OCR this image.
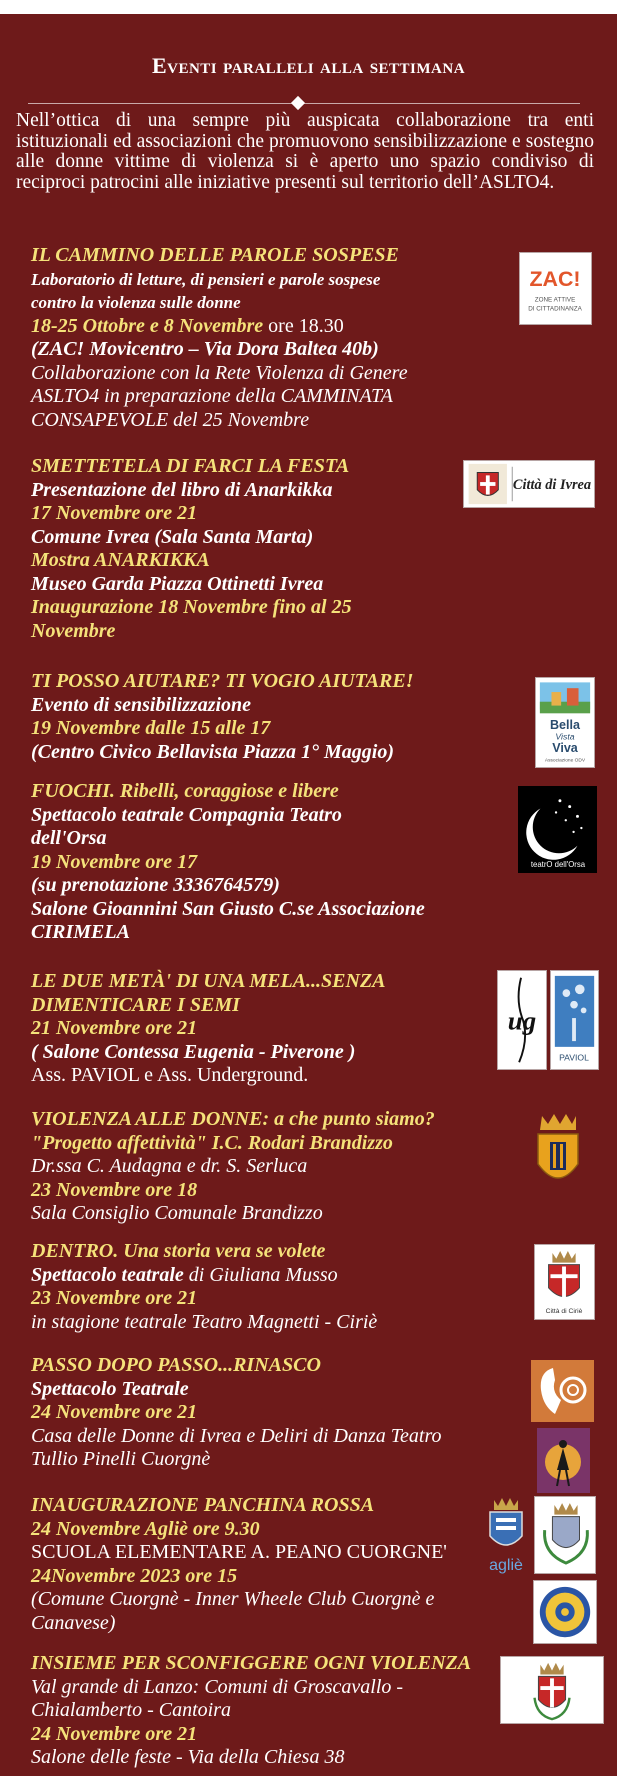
Eventi paralleli alla settimana
Nell’ottica di una sempre più auspicata collaborazione tra enti istituzionali ed associazioni che promuovono sensibilizzazione e sostegno alle donne vittime di violenza si è aperto uno spazio condiviso di reciproci patrocini alle iniziative presenti sul territorio dell’ASLTO4.
IL CAMMINO DELLE PAROLE SOSPESE
Laboratorio di letture, di pensieri e parole sospese
contro la violenza sulle donne
18-25 Ottobre e 8 Novembre ore 18.30
(ZAC! Movicentro – Via Dora Baltea 40b)
Collaborazione con la Rete Violenza di Genere
ASLTO4 in preparazione della CAMMINATA
CONSAPEVOLE del 25 Novembre
ZAC!
ZONE ATTIVE
DI CITTADINANZA
SMETTETELA DI FARCI LA FESTA
Presentazione del libro di Anarkikka
17 Novembre ore 21
Comune Ivrea (Sala Santa Marta)
Mostra ANARKIKKA
Museo Garda Piazza Ottinetti Ivrea
Inaugurazione 18 Novembre fino al 25
Novembre
Città di Ivrea
TI POSSO AIUTARE? TI VOGIO AIUTARE!
Evento di sensibilizzazione
19 Novembre dalle 15 alle 17
(Centro Civico Bellavista Piazza 1° Maggio)
Bella
Vista
Viva
Associazione ODV
FUOCHI. Ribelli, coraggiose e libere
Spettacolo teatrale Compagnia Teatro
dell'Orsa
19 Novembre ore 17
(su prenotazione 3336764579)
Salone Gioannini San Giusto C.se Associazione
CIRIMELA
teatrO dell'Orsa
LE DUE METÀ' DI UNA MELA...SENZA
DIMENTICARE I SEMI
21 Novembre ore 21
( Salone Contessa Eugenia - Piverone )
Ass. PAVIOL e Ass. Underground.
ug
PAVIOL
VIOLENZA ALLE DONNE: a che punto siamo?
"Progetto affettività" I.C. Rodari Brandizzo
Dr.ssa C. Audagna e dr. S. Serluca
23 Novembre ore 18
Sala Consiglio Comunale Brandizzo
DENTRO. Una storia vera se volete
Spettacolo teatrale di Giuliana Musso
23 Novembre ore 21
in stagione teatrale Teatro Magnetti - Ciriè	Città di Ciriè
PASSO DOPO PASSO...RINASCO
Spettacolo Teatrale
24 Novembre ore 21
Casa delle Donne di Ivrea e Deliri di Danza Teatro
Tullio Pinelli Cuorgnè
INAUGURAZIONE PANCHINA ROSSA
24 Novembre Agliè ore 9.30
SCUOLA ELEMENTARE A. PEANO CUORGNE'
24Novembre 2023 ore 15
(Comune Cuorgnè - Inner Wheele Club Cuorgnè e
Canavese)
agliè
INSIEME PER SCONFIGGERE OGNI VIOLENZA
Val grande di Lanzo: Comuni di Groscavallo -
Chialamberto - Cantoira
24 Novembre ore 21
Salone delle feste - Via della Chiesa 38
